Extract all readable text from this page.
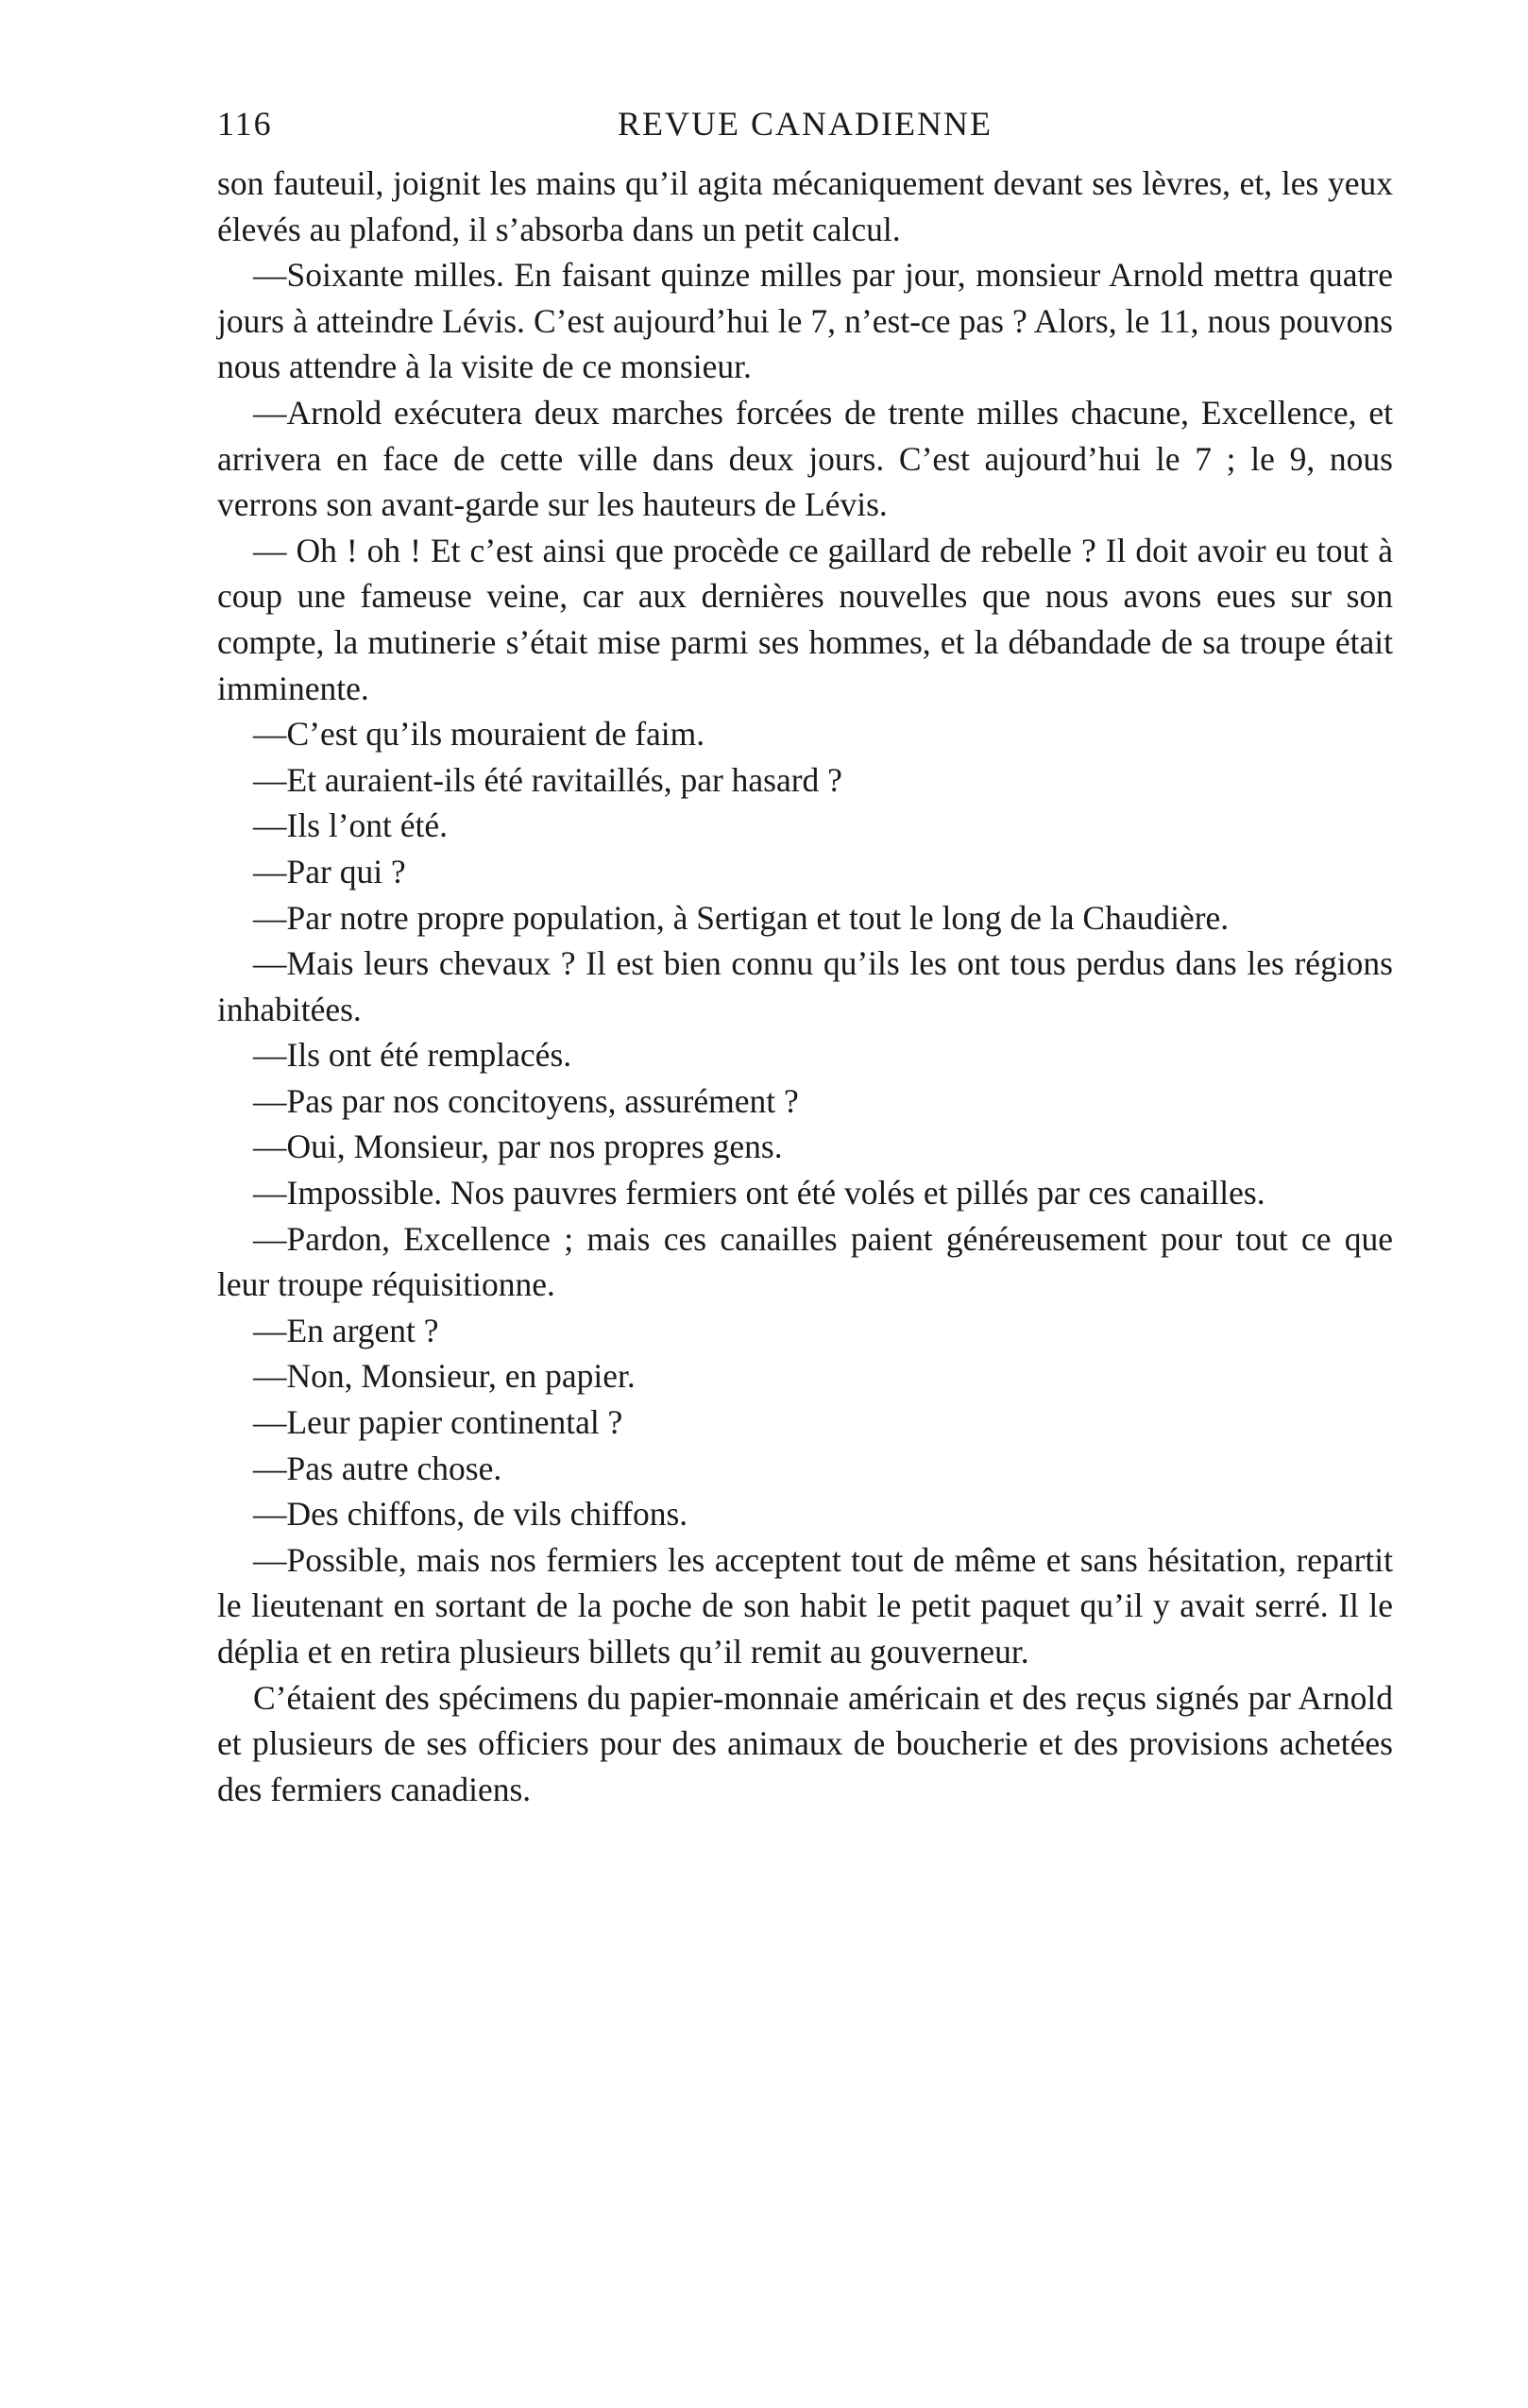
116	REVUE CANADIENNE

son fauteuil, joignit les mains qu’il agita mécaniquement devant ses lèvres, et, les yeux élevés au plafond, il s’absorba dans un petit calcul.

—Soixante milles. En faisant quinze milles par jour, monsieur Arnold mettra quatre jours à atteindre Lévis. C’est aujourd’hui le 7, n’est-ce pas ? Alors, le 11, nous pouvons nous attendre à la visite de ce monsieur.

—Arnold exécutera deux marches forcées de trente milles chacune, Excellence, et arrivera en face de cette ville dans deux jours. C’est aujourd’hui le 7 ; le 9, nous verrons son avant-garde sur les hauteurs de Lévis.

— Oh ! oh ! Et c’est ainsi que procède ce gaillard de rebelle ? Il doit avoir eu tout à coup une fameuse veine, car aux dernières nouvelles que nous avons eues sur son compte, la mutinerie s’était mise parmi ses hommes, et la débandade de sa troupe était imminente.

—C’est qu’ils mouraient de faim.

—Et auraient-ils été ravitaillés, par hasard ?

—Ils l’ont été.

—Par qui ?

—Par notre propre population, à Sertigan et tout le long de la Chaudière.

—Mais leurs chevaux ? Il est bien connu qu’ils les ont tous perdus dans les régions inhabitées.

—Ils ont été remplacés.

—Pas par nos concitoyens, assurément ?

—Oui, Monsieur, par nos propres gens.

—Impossible. Nos pauvres fermiers ont été volés et pillés par ces canailles.

—Pardon, Excellence ; mais ces canailles paient généreusement pour tout ce que leur troupe réquisitionne.

—En argent ?

—Non, Monsieur, en papier.

—Leur papier continental ?

—Pas autre chose.

—Des chiffons, de vils chiffons.

—Possible, mais nos fermiers les acceptent tout de même et sans hésitation, repartit le lieutenant en sortant de la poche de son habit le petit paquet qu’il y avait serré. Il le déplia et en retira plusieurs billets qu’il remit au gouverneur.

C’étaient des spécimens du papier-monnaie américain et des reçus signés par Arnold et plusieurs de ses officiers pour des animaux de boucherie et des provisions achetées des fermiers canadiens.
